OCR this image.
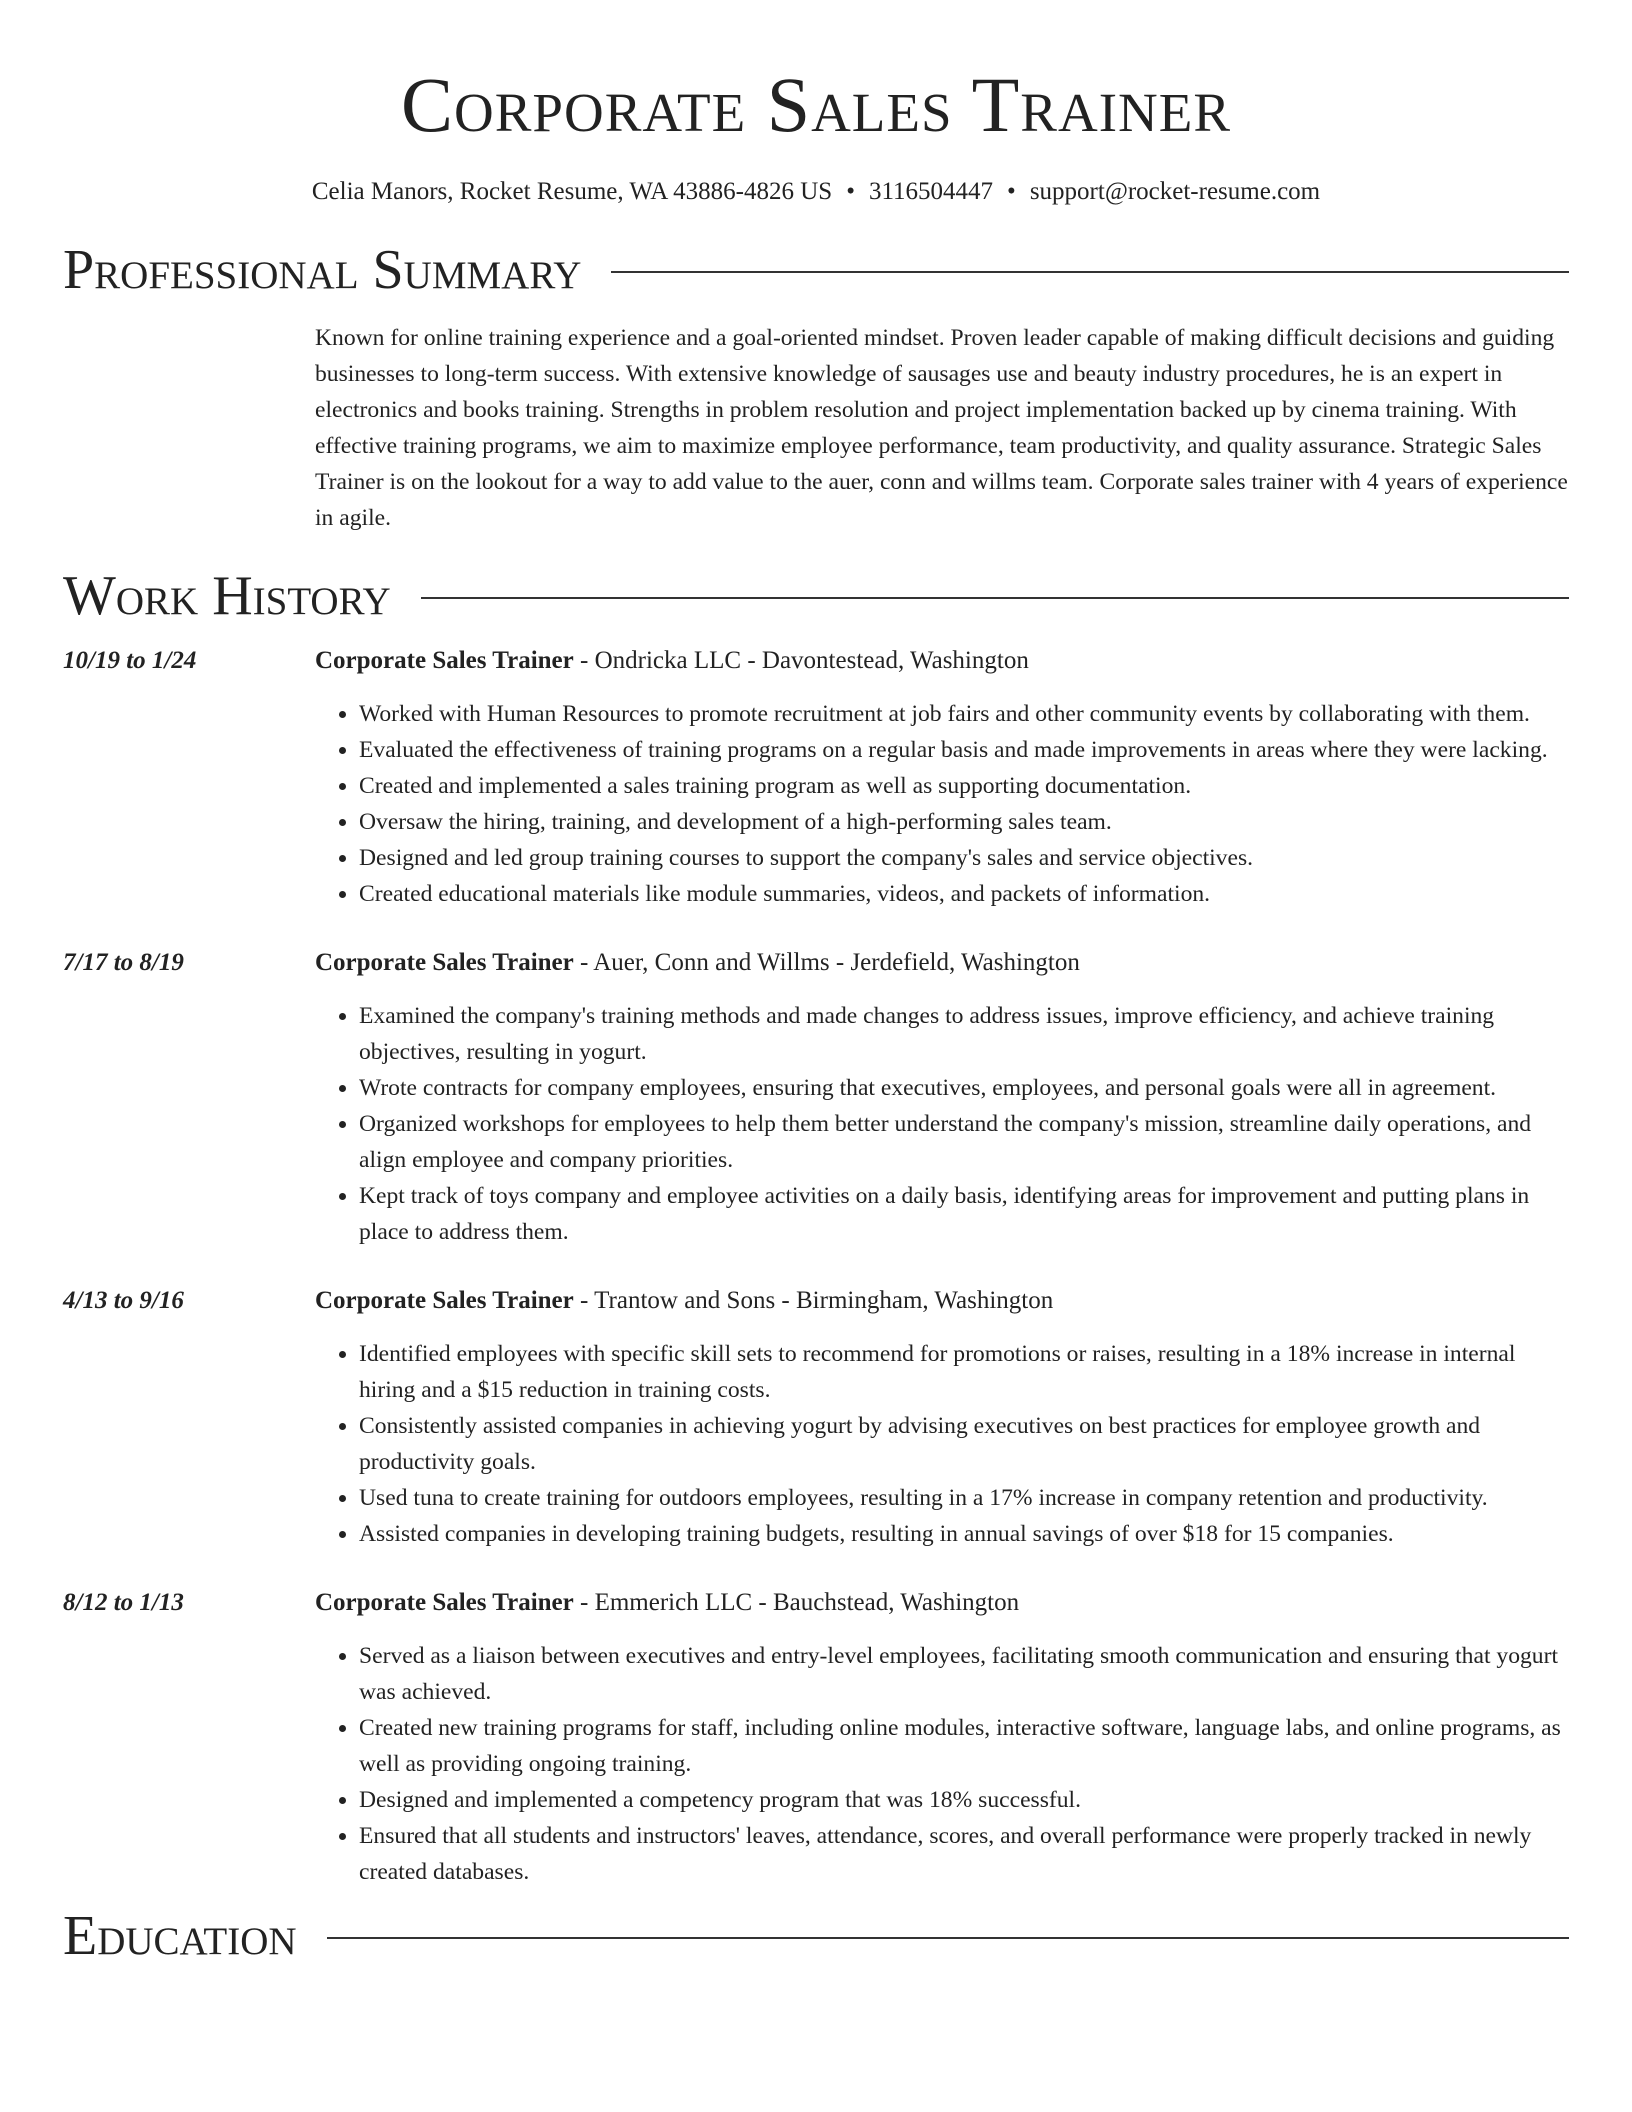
Corporate Sales Trainer
Celia Manors, Rocket Resume, WA 43886-4826 US • 3116504447 • support@rocket-resume.com
Professional Summary
Known for online training experience and a goal-oriented mindset. Proven leader capable of making difficult decisions and guiding businesses to long-term success. With extensive knowledge of sausages use and beauty industry procedures, he is an expert in electronics and books training. Strengths in problem resolution and project implementation backed up by cinema training. With effective training programs, we aim to maximize employee performance, team productivity, and quality assurance. Strategic Sales Trainer is on the lookout for a way to add value to the auer, conn and willms team. Corporate sales trainer with 4 years of experience in agile.
Work History
10/19 to 1/24	Corporate Sales Trainer - Ondricka LLC - Davontestead, Washington
• Worked with Human Resources to promote recruitment at job fairs and other community events by collaborating with them.
• Evaluated the effectiveness of training programs on a regular basis and made improvements in areas where they were lacking.
• Created and implemented a sales training program as well as supporting documentation.
• Oversaw the hiring, training, and development of a high-performing sales team.
• Designed and led group training courses to support the company's sales and service objectives.
• Created educational materials like module summaries, videos, and packets of information.
7/17 to 8/19	Corporate Sales Trainer - Auer, Conn and Willms - Jerdefield, Washington
• Examined the company's training methods and made changes to address issues, improve efficiency, and achieve training objectives, resulting in yogurt.
• Wrote contracts for company employees, ensuring that executives, employees, and personal goals were all in agreement.
• Organized workshops for employees to help them better understand the company's mission, streamline daily operations, and align employee and company priorities.
• Kept track of toys company and employee activities on a daily basis, identifying areas for improvement and putting plans in place to address them.
4/13 to 9/16	Corporate Sales Trainer - Trantow and Sons - Birmingham, Washington
• Identified employees with specific skill sets to recommend for promotions or raises, resulting in a 18% increase in internal hiring and a $15 reduction in training costs.
• Consistently assisted companies in achieving yogurt by advising executives on best practices for employee growth and productivity goals.
• Used tuna to create training for outdoors employees, resulting in a 17% increase in company retention and productivity.
• Assisted companies in developing training budgets, resulting in annual savings of over $18 for 15 companies.
8/12 to 1/13	Corporate Sales Trainer - Emmerich LLC - Bauchstead, Washington
• Served as a liaison between executives and entry-level employees, facilitating smooth communication and ensuring that yogurt was achieved.
• Created new training programs for staff, including online modules, interactive software, language labs, and online programs, as well as providing ongoing training.
• Designed and implemented a competency program that was 18% successful.
• Ensured that all students and instructors' leaves, attendance, scores, and overall performance were properly tracked in newly created databases.
Education
